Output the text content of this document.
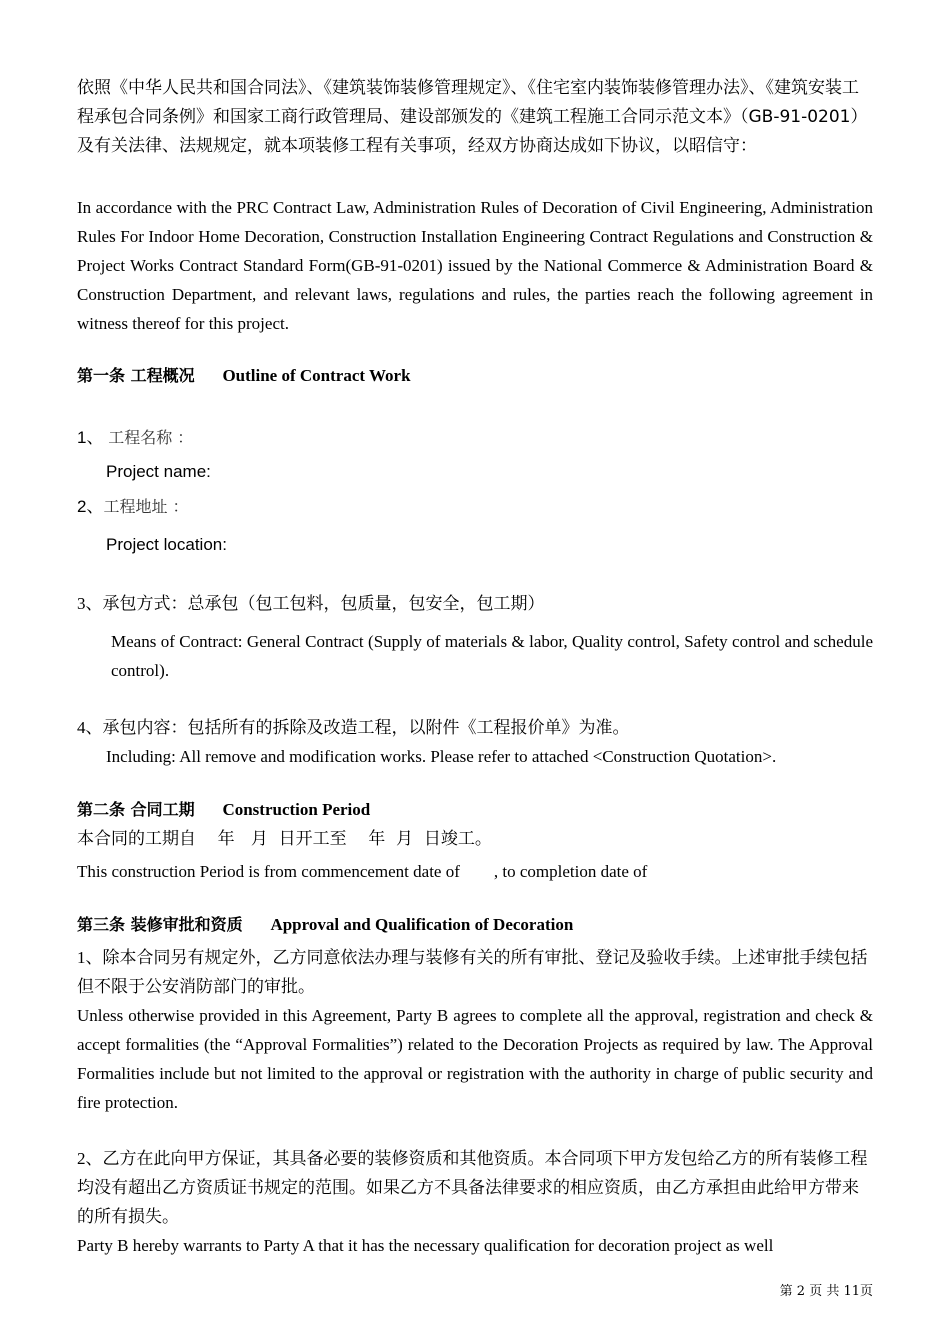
依照《中华人民共和国合同法》、《建筑装饰装修管理规定》、《住宅室内装饰装修管理办法》、《建筑安装工程承包合同条例》和国家工商行政管理局、建设部颁发的《建筑工程施工合同示范文本》（GB-91-0201）及有关法律、法规规定，就本项装修工程有关事项，经双方协商达成如下协议，以昭信守：

In accordance with the PRC Contract Law, Administration Rules of Decoration of Civil Engineering, Administration Rules For Indoor Home Decoration, Construction Installation Engineering Contract Regulations and Construction & Project Works Contract Standard Form(GB-91-0201) issued by the National Commerce & Administration Board & Construction Department, and relevant laws, regulations and rules, the parties reach the following agreement in witness thereof for this project.

第一条 工程概况 Outline of Contract Work

1、 工程名称 ：

Project name:

2、工程地址 ：

Project location:

3、承包方式：总承包（包工包料，包质量，包安全，包工期）

Means of Contract: General Contract (Supply of materials & labor, Quality control, Safety control and schedule control).

4、承包内容：包括所有的拆除及改造工程，以附件《工程报价单》为准。

Including: All remove and modification works. Please refer to attached <Construction Quotation>.

第二条 合同工期 Construction Period

本合同的工期自    年   月  日开工至    年  月  日竣工。

This construction Period is from commencement date of        , to completion date of

第三条 装修审批和资质 Approval and Qualification of Decoration

1、除本合同另有规定外，乙方同意依法办理与装修有关的所有审批、登记及验收手续。上述审批手续包括但不限于公安消防部门的审批。

Unless otherwise provided in this Agreement, Party B agrees to complete all the approval, registration and check & accept formalities (the “Approval Formalities”) related to the Decoration Projects as required by law. The Approval Formalities include but not limited to the approval or registration with the authority in charge of public security and fire protection.

2、乙方在此向甲方保证，其具备必要的装修资质和其他资质。本合同项下甲方发包给乙方的所有装修工程均没有超出乙方资质证书规定的范围。如果乙方不具备法律要求的相应资质，由乙方承担由此给甲方带来的所有损失。

Party B hereby warrants to Party A that it has the necessary qualification for decoration project as well

第 2 页 共 11页
